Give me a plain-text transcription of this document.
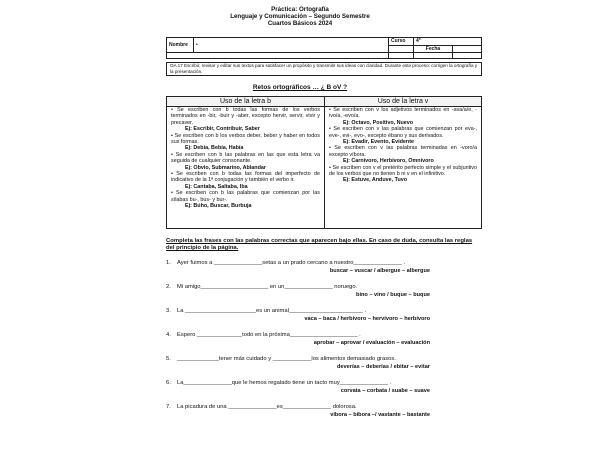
Práctica: Ortografía
Lenguaje y Comunicación – Segundo Semestre
Cuartos Básicos 2024
Nombre	•	Curso	4°	
			Fecha	

OA 17 Escribir, revisar y editar sus textos para satisfacer un propósito y transmitir sus ideas con claridad. Durante este proceso: corrigen la ortografía y la presentación.
Retos ortográficos … ¿ B oV ?
Uso de la letra b
• Se escriben con b todas las formas de los verbos terminados en -bir, -buir y -aber, excepto hervir, servir, vivir y precaver.
Ej: Escribir, Contribuir, Saber
• Se escriben con b los verbos deber, beber y haber en todos sus formas.
Ej: Debía, Bebía, Había
• Se escriben con b las palabras en las que esta letra va seguida de cualquier consonante.
Ej: Obvio, Submarino, Ablandar
• Se escriben con b todas las formas del imperfecto de indicativo de la 1ª conjugación y también el verbo ir.
Ej: Cantaba, Saltaba, Iba
• Se escriben con b las palabras que comienzan por las sílabas bu-, bus- y bur-.
Ej: Búho, Buscar, Burbuja
Uso de la letra v
• Se escriben con v los adjetivos terminados en -ava/a/e, -ivo/a, -evo/a.
Ej: Octavo, Positivo, Nuevo
• Se escriben con v las palabras que comienzan por eva-, eve-, evi-, evo-, excepto ébano y sus derivados.
Ej: Evadir, Evento, Evidente
• Se escriben con v las palabras terminadas en -voro/a excepto víbora.
Ej: Carnívoro, Herbívoro, Omnívoro
• Se escriben con v el pretérito perfecto simple y el subjuntivo de los verbos que no tienen b ni v en el infinitivo.
Ej: Estuve, Anduve, Tuvo
Completa las frases con las palabras correctas que aparecen bajo ellas. En caso de duda, consulta las reglas del principio de la página.
1.	Ayer fuimos a _______________setas a un prado cercano a nuestro_______________ .
buscar – vuscar / albergue – albergue
2.	Mi amigo_____________________ en un_______________ noruego.
bino – vino / buque – buque
3.	La ______________________es un animal_______________________ .
vaca – baca / herbívoro – hervívoro – herbívoro
4.	Espero ______________todo en la próxima_____________________ .
aprobar – aprovar / evaluación – evaluación
5.	_____________tener más cuidado y ____________los alimentos demasiado grasos.
deverías – deberías / ebitar – evitar
6.	La_______________que le hemos regalado tiene un tacto muy_______________ .
corvata – corbata / suabe – suave
7.	La picadura de una _______________es_______________ dolorosa.
víbora – bíbora –/ vastante – bastante
